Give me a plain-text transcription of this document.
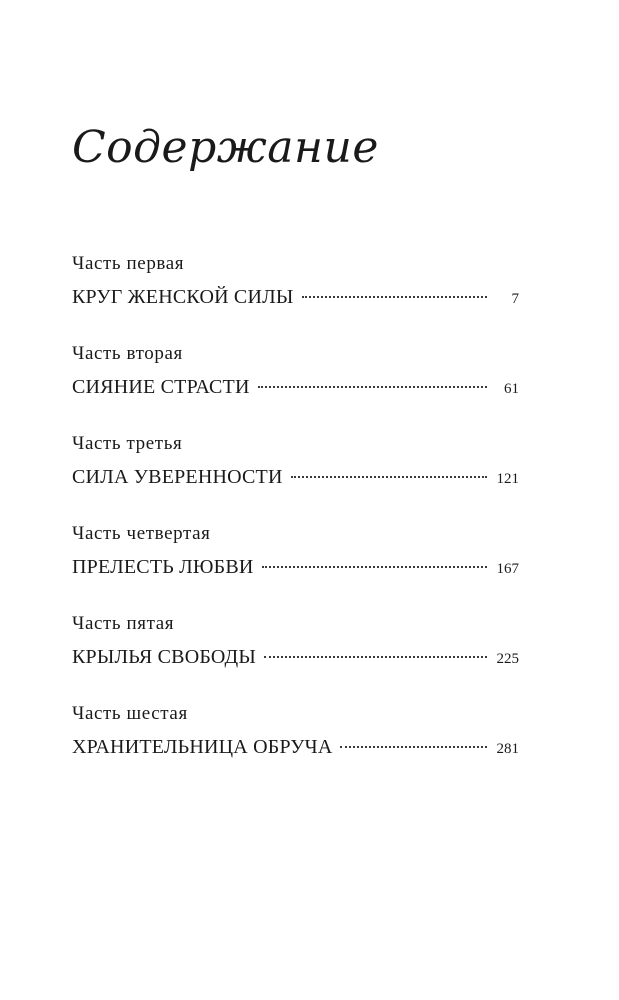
Содержание
Часть первая
КРУГ ЖЕНСКОЙ СИЛЫ	7
Часть вторая
СИЯНИЕ СТРАСТИ	61
Часть третья
СИЛА УВЕРЕННОСТИ	121
Часть четвертая
ПРЕЛЕСТЬ ЛЮБВИ	167
Часть пятая
КРЫЛЬЯ СВОБОДЫ	225
Часть шестая
ХРАНИТЕЛЬНИЦА ОБРУЧА	281
